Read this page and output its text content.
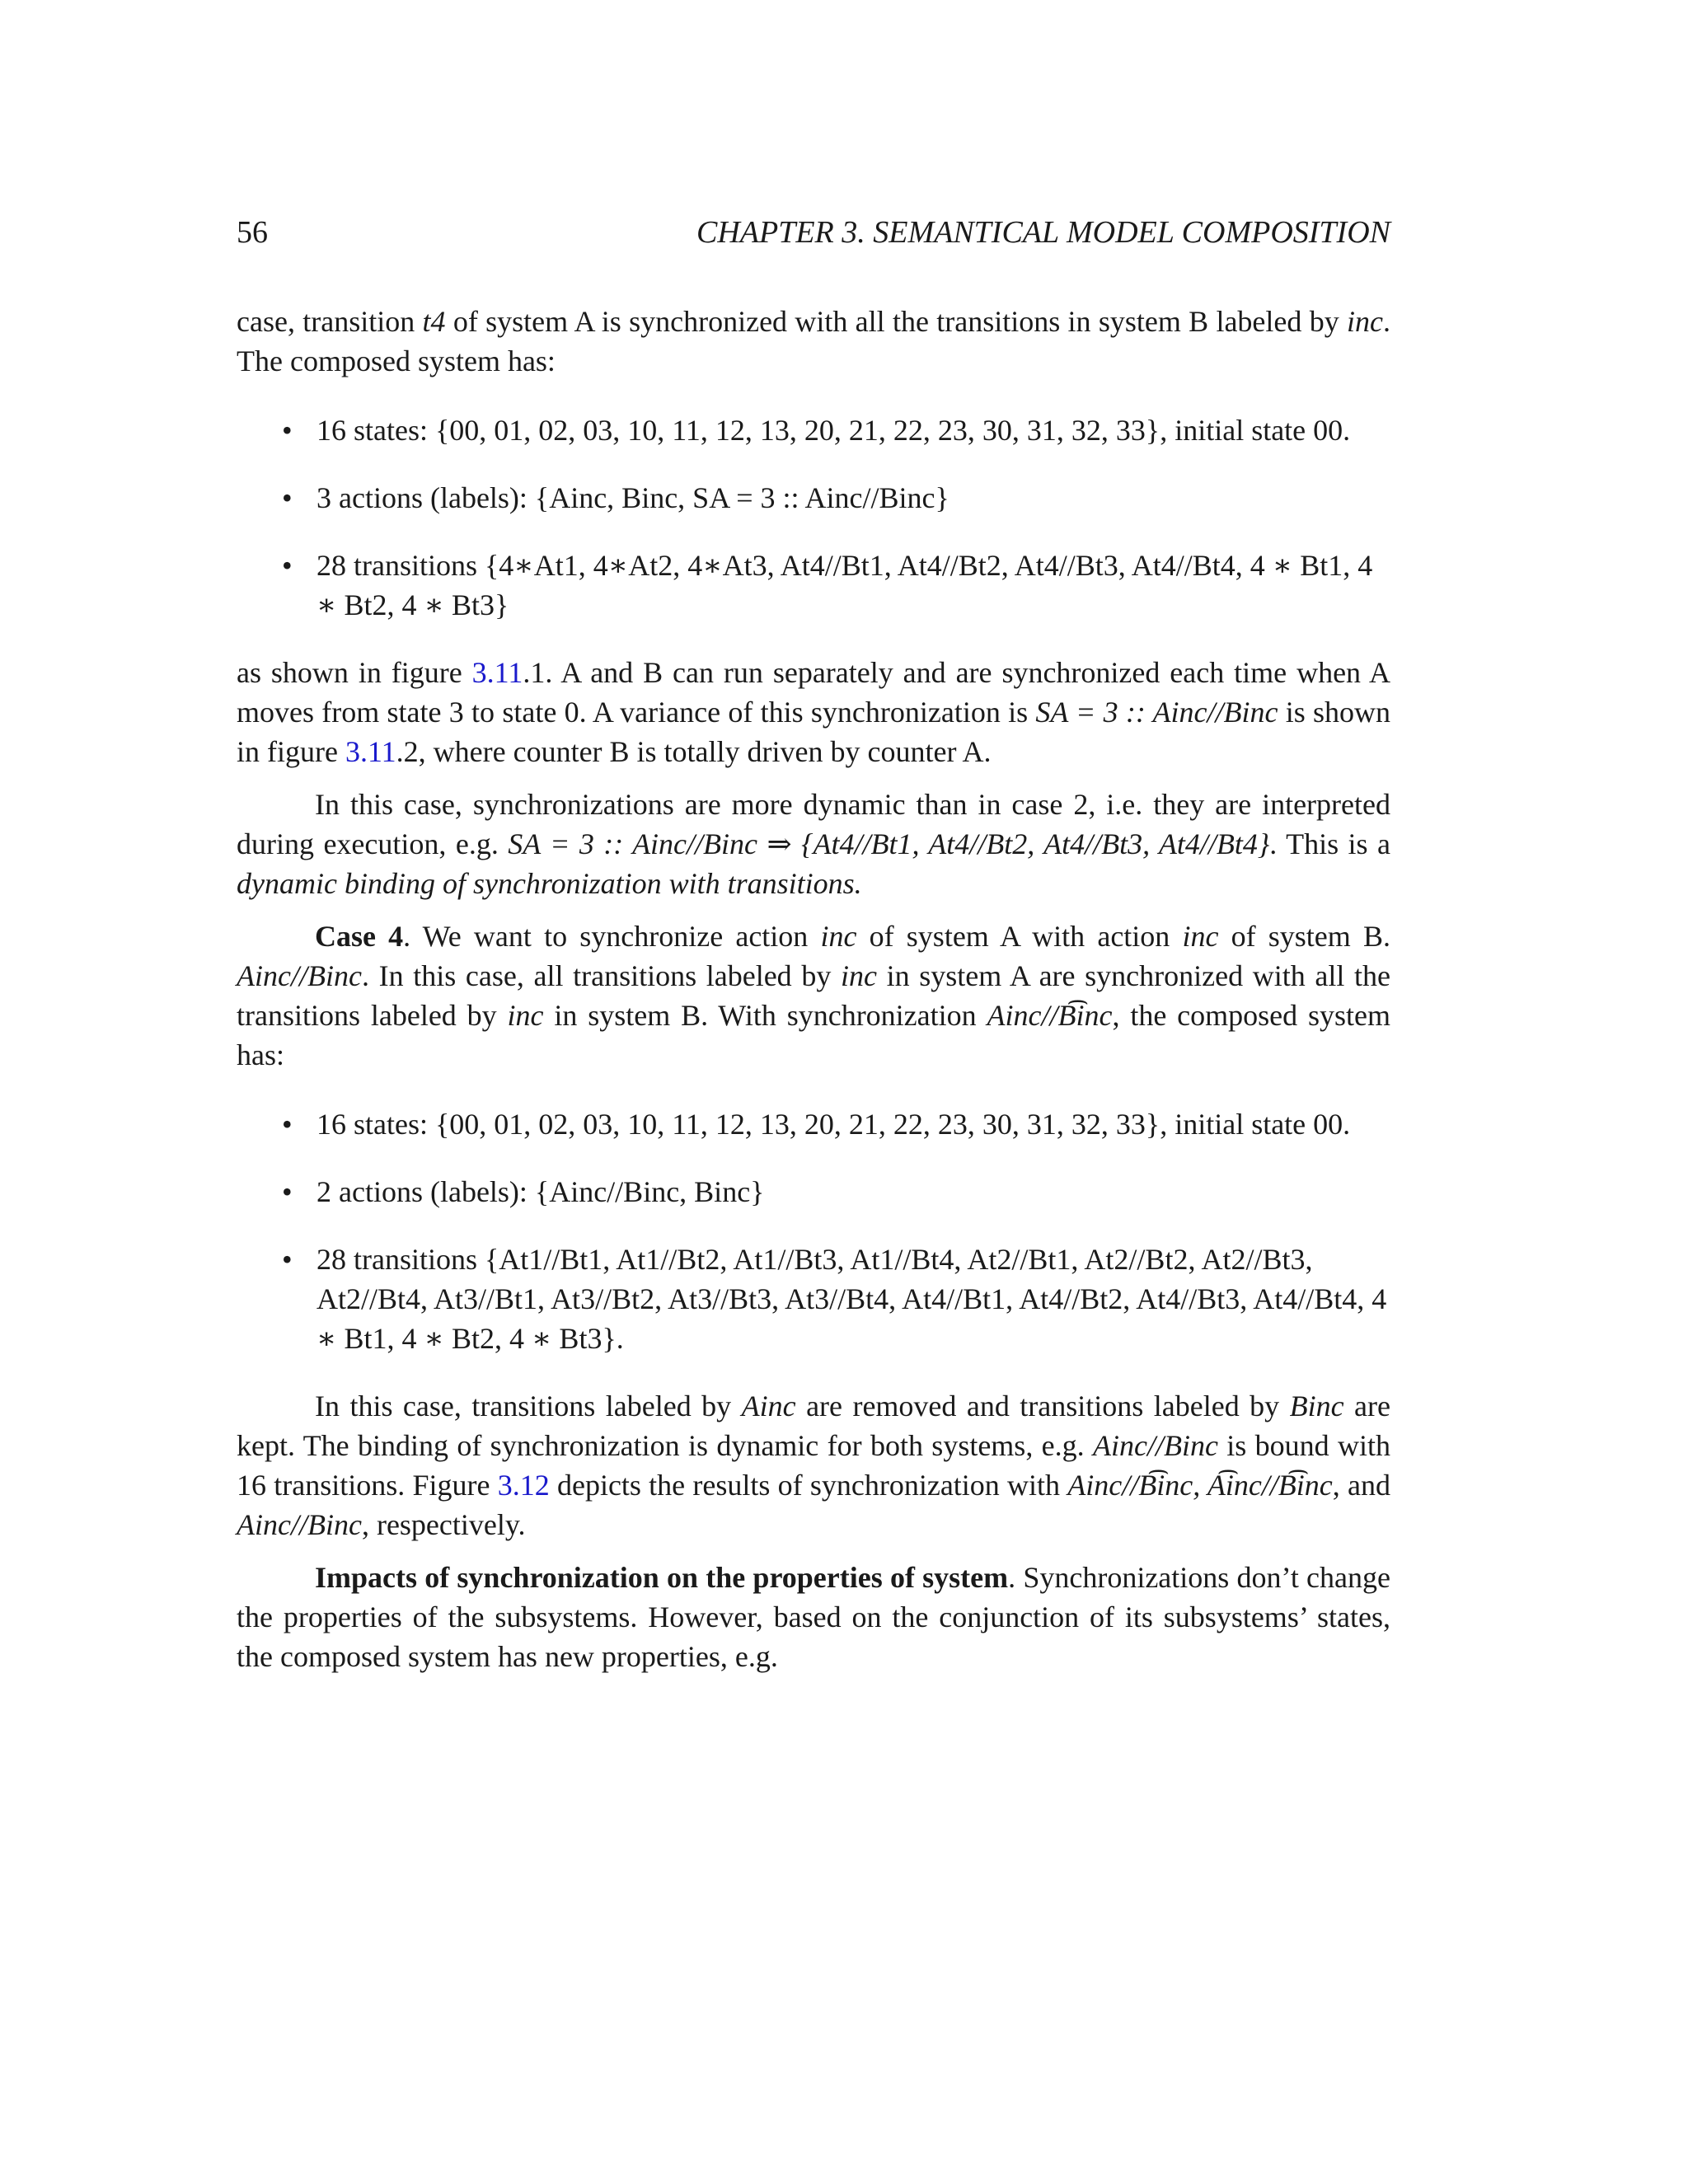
56	CHAPTER 3. SEMANTICAL MODEL COMPOSITION

case, transition t4 of system A is synchronized with all the transitions in system B labeled by inc. The composed system has:

• 16 states: {00, 01, 02, 03, 10, 11, 12, 13, 20, 21, 22, 23, 30, 31, 32, 33}, initial state 00.
• 3 actions (labels): {Ainc, Binc, SA = 3 :: Ainc//Binc}
• 28 transitions {4∗At1, 4∗At2, 4∗At3, At4//Bt1, At4//Bt2, At4//Bt3, At4//Bt4, 4 ∗ Bt1, 4 ∗ Bt2, 4 ∗ Bt3}

as shown in figure 3.11.1. A and B can run separately and are synchronized each time when A moves from state 3 to state 0. A variance of this synchronization is SA = 3 :: Ainc//Binc is shown in figure 3.11.2, where counter B is totally driven by counter A.

In this case, synchronizations are more dynamic than in case 2, i.e. they are interpreted during execution, e.g. SA = 3 :: Ainc//Binc ⇒ {At4//Bt1, At4//Bt2, At4//Bt3, At4//Bt4}. This is a dynamic binding of synchronization with transitions.

Case 4. We want to synchronize action inc of system A with action inc of system B. Ainc//Binc. In this case, all transitions labeled by inc in system A are synchronized with all the transitions labeled by inc in system B. With synchronization Ainc//B͡inc, the composed system has:

• 16 states: {00, 01, 02, 03, 10, 11, 12, 13, 20, 21, 22, 23, 30, 31, 32, 33}, initial state 00.
• 2 actions (labels): {Ainc//Binc, Binc}
• 28 transitions {At1//Bt1, At1//Bt2, At1//Bt3, At1//Bt4, At2//Bt1, At2//Bt2, At2//Bt3, At2//Bt4, At3//Bt1, At3//Bt2, At3//Bt3, At3//Bt4, At4//Bt1, At4//Bt2, At4//Bt3, At4//Bt4, 4 ∗ Bt1, 4 ∗ Bt2, 4 ∗ Bt3}.

In this case, transitions labeled by Ainc are removed and transitions labeled by Binc are kept. The binding of synchronization is dynamic for both systems, e.g. Ainc//Binc is bound with 16 transitions. Figure 3.12 depicts the results of synchronization with Ainc//B͡inc, A͡inc//B͡inc, and Ainc//Binc, respectively.

Impacts of synchronization on the properties of system. Synchronizations don’t change the properties of the subsystems. However, based on the conjunction of its subsystems’ states, the composed system has new properties, e.g.
